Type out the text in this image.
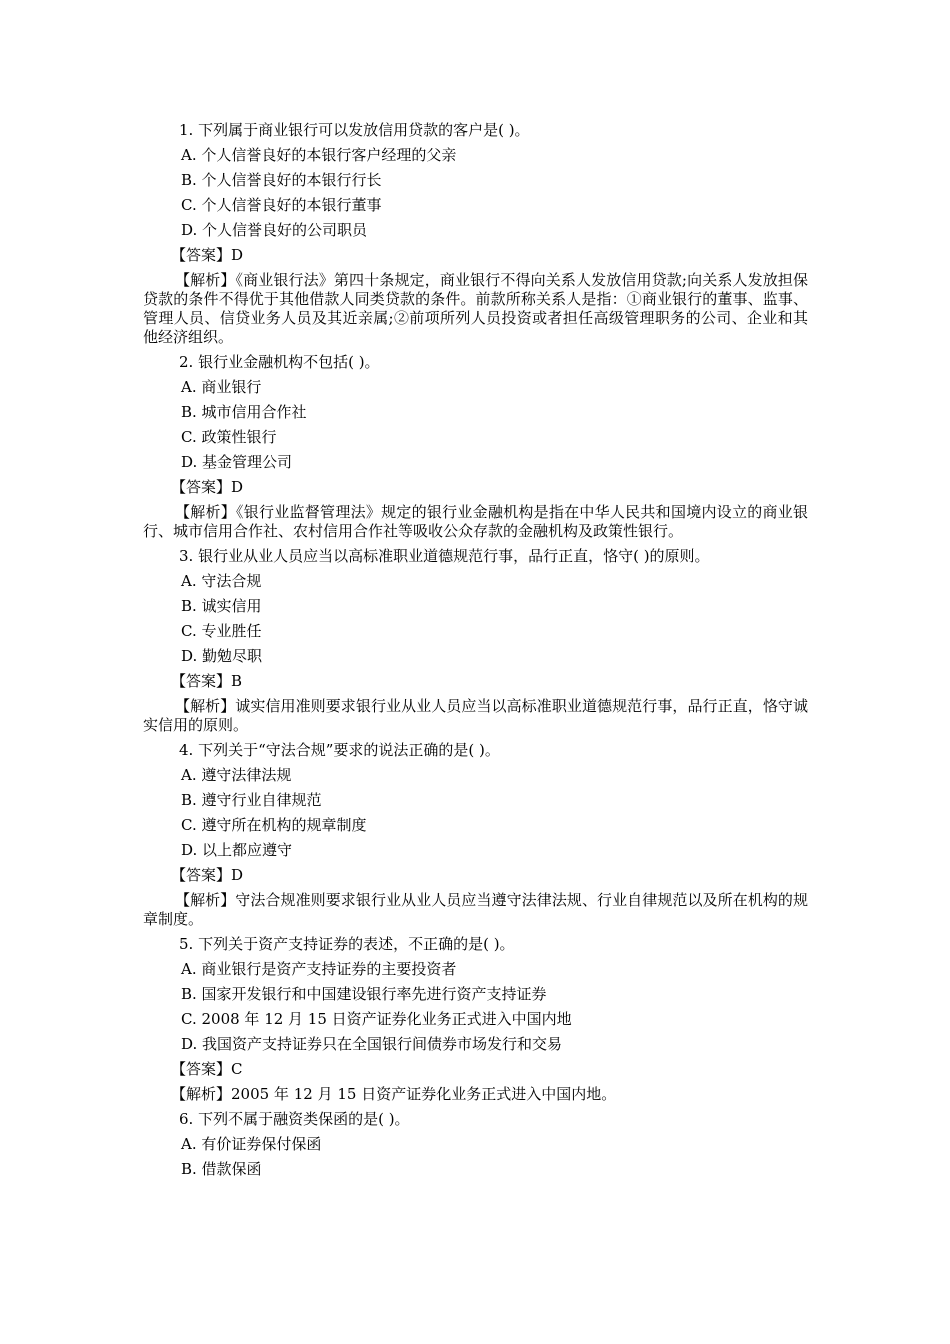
1. 下列属于商业银行可以发放信用贷款的客户是( )。
A. 个人信誉良好的本银行客户经理的父亲
B. 个人信誉良好的本银行行长
C. 个人信誉良好的本银行董事
D. 个人信誉良好的公司职员
【答案】D
【解析】《商业银行法》第四十条规定，商业银行不得向关系人发放信用贷款;向关系人发放担保贷款的条件不得优于其他借款人同类贷款的条件。前款所称关系人是指：①商业银行的董事、监事、管理人员、信贷业务人员及其近亲属;②前项所列人员投资或者担任高级管理职务的公司、企业和其他经济组织。
2. 银行业金融机构不包括( )。
A. 商业银行
B. 城市信用合作社
C. 政策性银行
D. 基金管理公司
【答案】D
【解析】《银行业监督管理法》规定的银行业金融机构是指在中华人民共和国境内设立的商业银行、城市信用合作社、农村信用合作社等吸收公众存款的金融机构及政策性银行。
3. 银行业从业人员应当以高标准职业道德规范行事，品行正直，恪守( )的原则。
A. 守法合规
B. 诚实信用
C. 专业胜任
D. 勤勉尽职
【答案】B
【解析】诚实信用准则要求银行业从业人员应当以高标准职业道德规范行事，品行正直，恪守诚实信用的原则。
4. 下列关于“守法合规”要求的说法正确的是( )。
A. 遵守法律法规
B. 遵守行业自律规范
C. 遵守所在机构的规章制度
D. 以上都应遵守
【答案】D
【解析】守法合规准则要求银行业从业人员应当遵守法律法规、行业自律规范以及所在机构的规章制度。
5. 下列关于资产支持证券的表述，不正确的是( )。
A. 商业银行是资产支持证券的主要投资者
B. 国家开发银行和中国建设银行率先进行资产支持证券
C. 2008 年 12 月 15 日资产证券化业务正式进入中国内地
D. 我国资产支持证券只在全国银行间债券市场发行和交易
【答案】C
【解析】2005 年 12 月 15 日资产证券化业务正式进入中国内地。
6. 下列不属于融资类保函的是( )。
A. 有价证券保付保函
B. 借款保函
